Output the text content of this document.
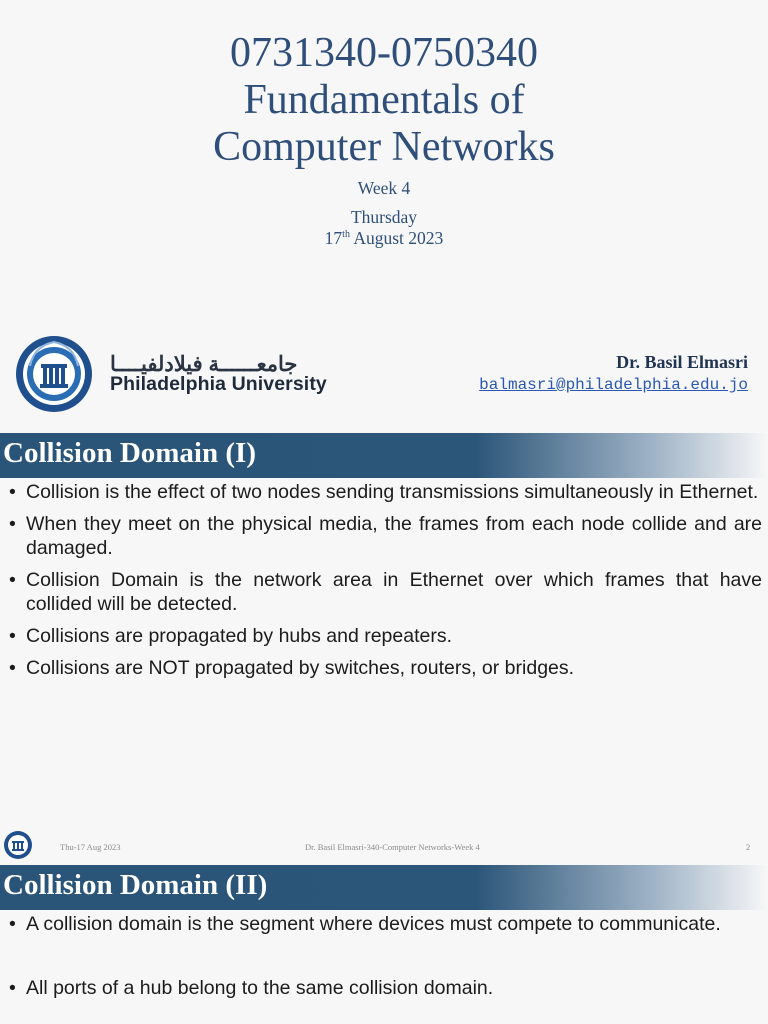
0731340-0750340
Fundamentals of
Computer Networks
Week 4
Thursday
17th August 2023
جامعــــــة فيلادلفيــــا
Philadelphia University
Dr. Basil Elmasri
balmasri@philadelphia.edu.jo
Collision Domain (I)
• Collision is the effect of two nodes sending transmissions simultaneously in Ethernet.
• When they meet on the physical media, the frames from each node collide and are damaged.
• Collision Domain is the network area in Ethernet over which frames that have collided will be detected.
• Collisions are propagated by hubs and repeaters.
• Collisions are NOT propagated by switches, routers, or bridges.
Thu-17 Aug 2023	Dr. Basil Elmasri-340-Computer Networks-Week 4	2
Collision Domain (II)
• A collision domain is the segment where devices must compete to communicate.
• All ports of a hub belong to the same collision domain.
